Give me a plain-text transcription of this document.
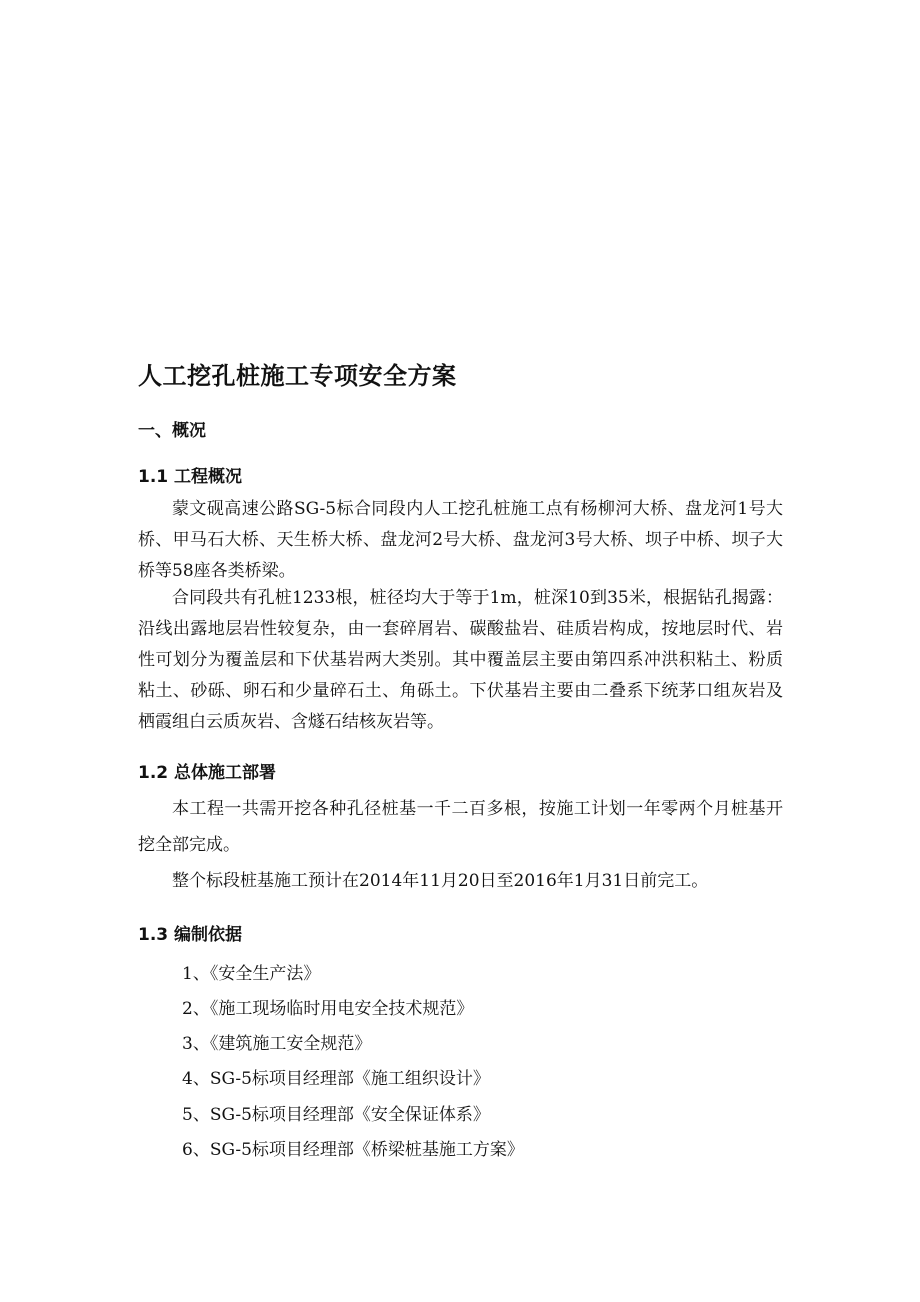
人工挖孔桩施工专项安全方案
一、概况
1.1 工程概况
蒙文砚高速公路SG-5标合同段内人工挖孔桩施工点有杨柳河大桥、盘龙河1号大桥、甲马石大桥、天生桥大桥、盘龙河2号大桥、盘龙河3号大桥、坝子中桥、坝子大桥等58座各类桥梁。
合同段共有孔桩1233根，桩径均大于等于1m，桩深10到35米，根据钻孔揭露：沿线出露地层岩性较复杂，由一套碎屑岩、碳酸盐岩、硅质岩构成，按地层时代、岩性可划分为覆盖层和下伏基岩两大类别。其中覆盖层主要由第四系冲洪积粘土、粉质粘土、砂砾、卵石和少量碎石土、角砾土。下伏基岩主要由二叠系下统茅口组灰岩及栖霞组白云质灰岩、含燧石结核灰岩等。
1.2 总体施工部署
本工程一共需开挖各种孔径桩基一千二百多根，按施工计划一年零两个月桩基开挖全部完成。
整个标段桩基施工预计在2014年11月20日至2016年1月31日前完工。
1.3 编制依据
1、《安全生产法》
2、《施工现场临时用电安全技术规范》
3、《建筑施工安全规范》
4、SG-5标项目经理部《施工组织设计》
5、SG-5标项目经理部《安全保证体系》
6、SG-5标项目经理部《桥梁桩基施工方案》
